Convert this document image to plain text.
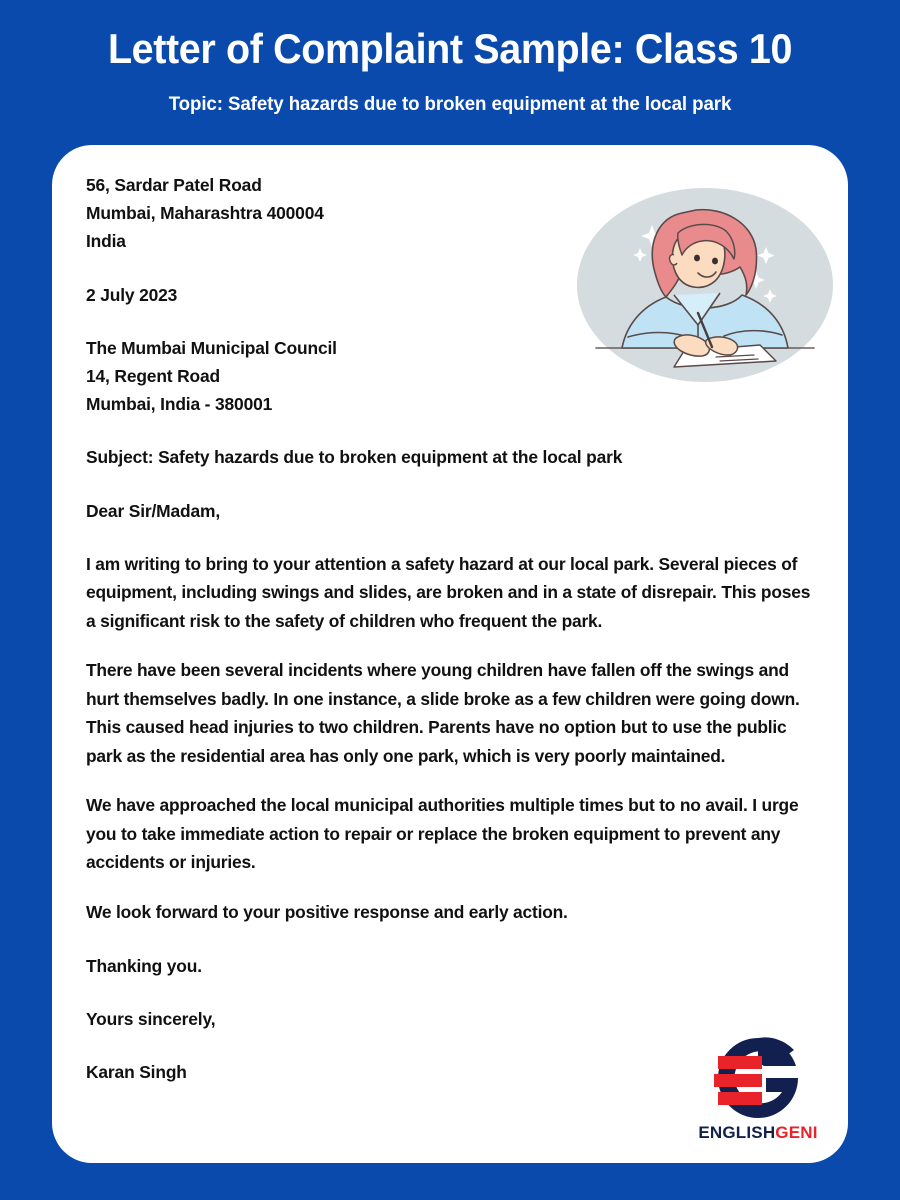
Letter of Complaint Sample: Class 10
Topic: Safety hazards due to broken equipment at the local park
56, Sardar Patel Road
Mumbai, Maharashtra 400004
India
2 July 2023
The Mumbai Municipal Council
14, Regent Road
Mumbai, India - 380001
Subject: Safety hazards due to broken equipment at the local park
Dear Sir/Madam,
I am writing to bring to your attention a safety hazard at our local park. Several pieces of equipment, including swings and slides, are broken and in a state of disrepair. This poses a significant risk to the safety of children who frequent the park.
There have been several incidents where young children have fallen off the swings and hurt themselves badly. In one instance, a slide broke as a few children were going down. This caused head injuries to two children. Parents have no option but to use the public park as the residential area has only one park, which is very poorly maintained.
We have approached the local municipal authorities multiple times but to no avail. I urge you to take immediate action to repair or replace the broken equipment to prevent any accidents or injuries.
We look forward to your positive response and early action.
Thanking you.
Yours sincerely,
Karan Singh
ENGLISHGENI
